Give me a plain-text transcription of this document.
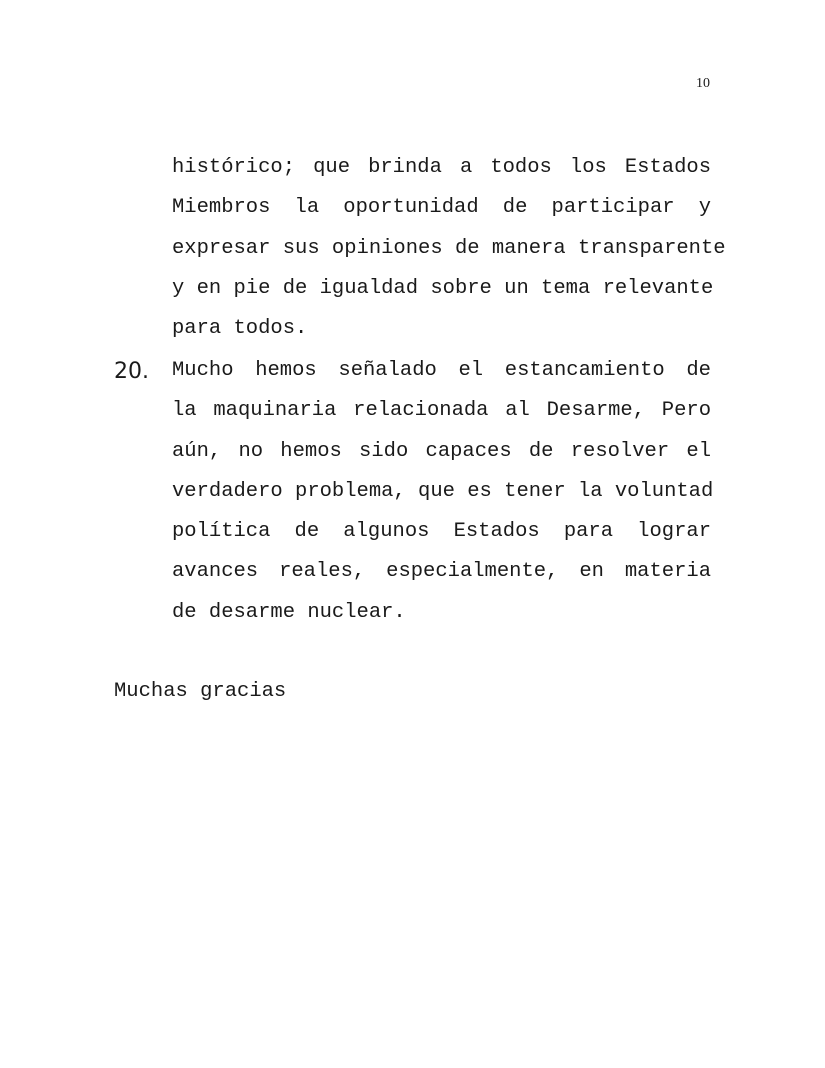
10
histórico; que brinda a todos los Estados
Miembros la oportunidad de participar y
expresar sus opiniones de manera transparente
y en pie de igualdad sobre un tema relevante
para todos.
20. Mucho hemos señalado el estancamiento de
la maquinaria relacionada al Desarme, Pero
aún, no hemos sido capaces de resolver el
verdadero problema, que es tener la voluntad
política de algunos Estados para lograr
avances reales, especialmente, en materia
de desarme nuclear.
Muchas gracias
